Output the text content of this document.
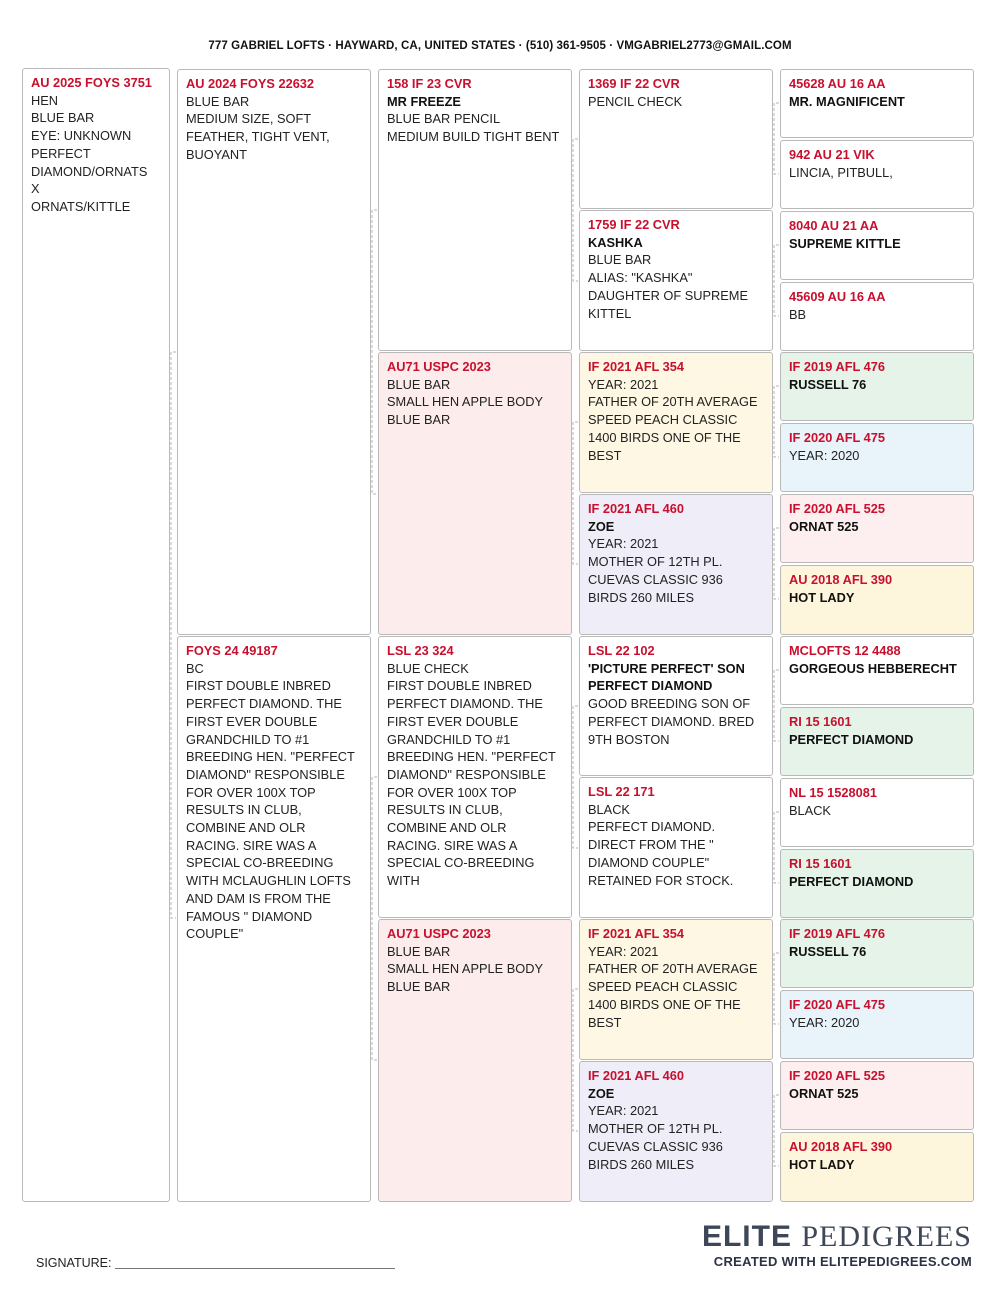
777 GABRIEL LOFTS · HAYWARD, CA, UNITED STATES · (510) 361-9505 · VMGABRIEL2773@GMAIL.COM
AU 2025 FOYS 3751
HEN
BLUE BAR
EYE: UNKNOWN
PERFECT DIAMOND/ORNATS
X
ORNATS/KITTLE
AU 2024 FOYS 22632
BLUE BAR
MEDIUM SIZE, SOFT FEATHER, TIGHT VENT, BUOYANT
FOYS 24 49187
BC
FIRST DOUBLE INBRED PERFECT DIAMOND. THE FIRST EVER DOUBLE GRANDCHILD TO #1 BREEDING HEN. "PERFECT DIAMOND" RESPONSIBLE FOR OVER 100X TOP RESULTS IN CLUB, COMBINE AND OLR RACING. SIRE WAS A SPECIAL CO-BREEDING WITH MCLAUGHLIN LOFTS AND DAM IS FROM THE FAMOUS " DIAMOND COUPLE"
158 IF 23 CVR
MR FREEZE
BLUE BAR PENCIL
MEDIUM BUILD TIGHT BENT
AU71 USPC 2023
BLUE BAR
SMALL HEN APPLE BODY
BLUE BAR
LSL 23 324
BLUE CHECK
FIRST DOUBLE INBRED PERFECT DIAMOND. THE FIRST EVER DOUBLE GRANDCHILD TO #1 BREEDING HEN. "PERFECT DIAMOND" RESPONSIBLE FOR OVER 100X TOP RESULTS IN CLUB, COMBINE AND OLR RACING. SIRE WAS A SPECIAL CO-BREEDING WITH
AU71 USPC 2023
BLUE BAR
SMALL HEN APPLE BODY
BLUE BAR
1369 IF 22 CVR
PENCIL CHECK
1759 IF 22 CVR
KASHKA
BLUE BAR
ALIAS: "KASHKA"
DAUGHTER OF SUPREME KITTEL
IF 2021 AFL 354
YEAR: 2021
FATHER OF 20TH AVERAGE SPEED PEACH CLASSIC 1400 BIRDS ONE OF THE BEST
IF 2021 AFL 460
ZOE
YEAR: 2021
MOTHER OF 12TH PL. CUEVAS CLASSIC 936 BIRDS 260 MILES
LSL 22 102
'PICTURE PERFECT' SON PERFECT DIAMOND
GOOD BREEDING SON OF PERFECT DIAMOND. BRED 9TH BOSTON
LSL 22 171
BLACK
PERFECT DIAMOND. DIRECT FROM THE " DIAMOND COUPLE" RETAINED FOR STOCK.
IF 2021 AFL 354
YEAR: 2021
FATHER OF 20TH AVERAGE SPEED PEACH CLASSIC 1400 BIRDS ONE OF THE BEST
IF 2021 AFL 460
ZOE
YEAR: 2021
MOTHER OF 12TH PL. CUEVAS CLASSIC 936 BIRDS 260 MILES
45628 AU 16 AA
MR. MAGNIFICENT
942 AU 21 VIK
LINCIA, PITBULL,
8040 AU 21 AA
SUPREME KITTLE
45609 AU 16 AA
BB
IF 2019 AFL 476
RUSSELL 76
IF 2020 AFL 475
YEAR: 2020
IF 2020 AFL 525
ORNAT 525
AU 2018 AFL 390
HOT LADY
MCLOFTS 12 4488
GORGEOUS HEBBERECHT
RI 15 1601
PERFECT DIAMOND
NL 15 1528081
BLACK
RI 15 1601
PERFECT DIAMOND
IF 2019 AFL 476
RUSSELL 76
IF 2020 AFL 475
YEAR: 2020
IF 2020 AFL 525
ORNAT 525
AU 2018 AFL 390
HOT LADY
SIGNATURE:
ELITE PEDIGREES
CREATED WITH ELITEPEDIGREES.COM
